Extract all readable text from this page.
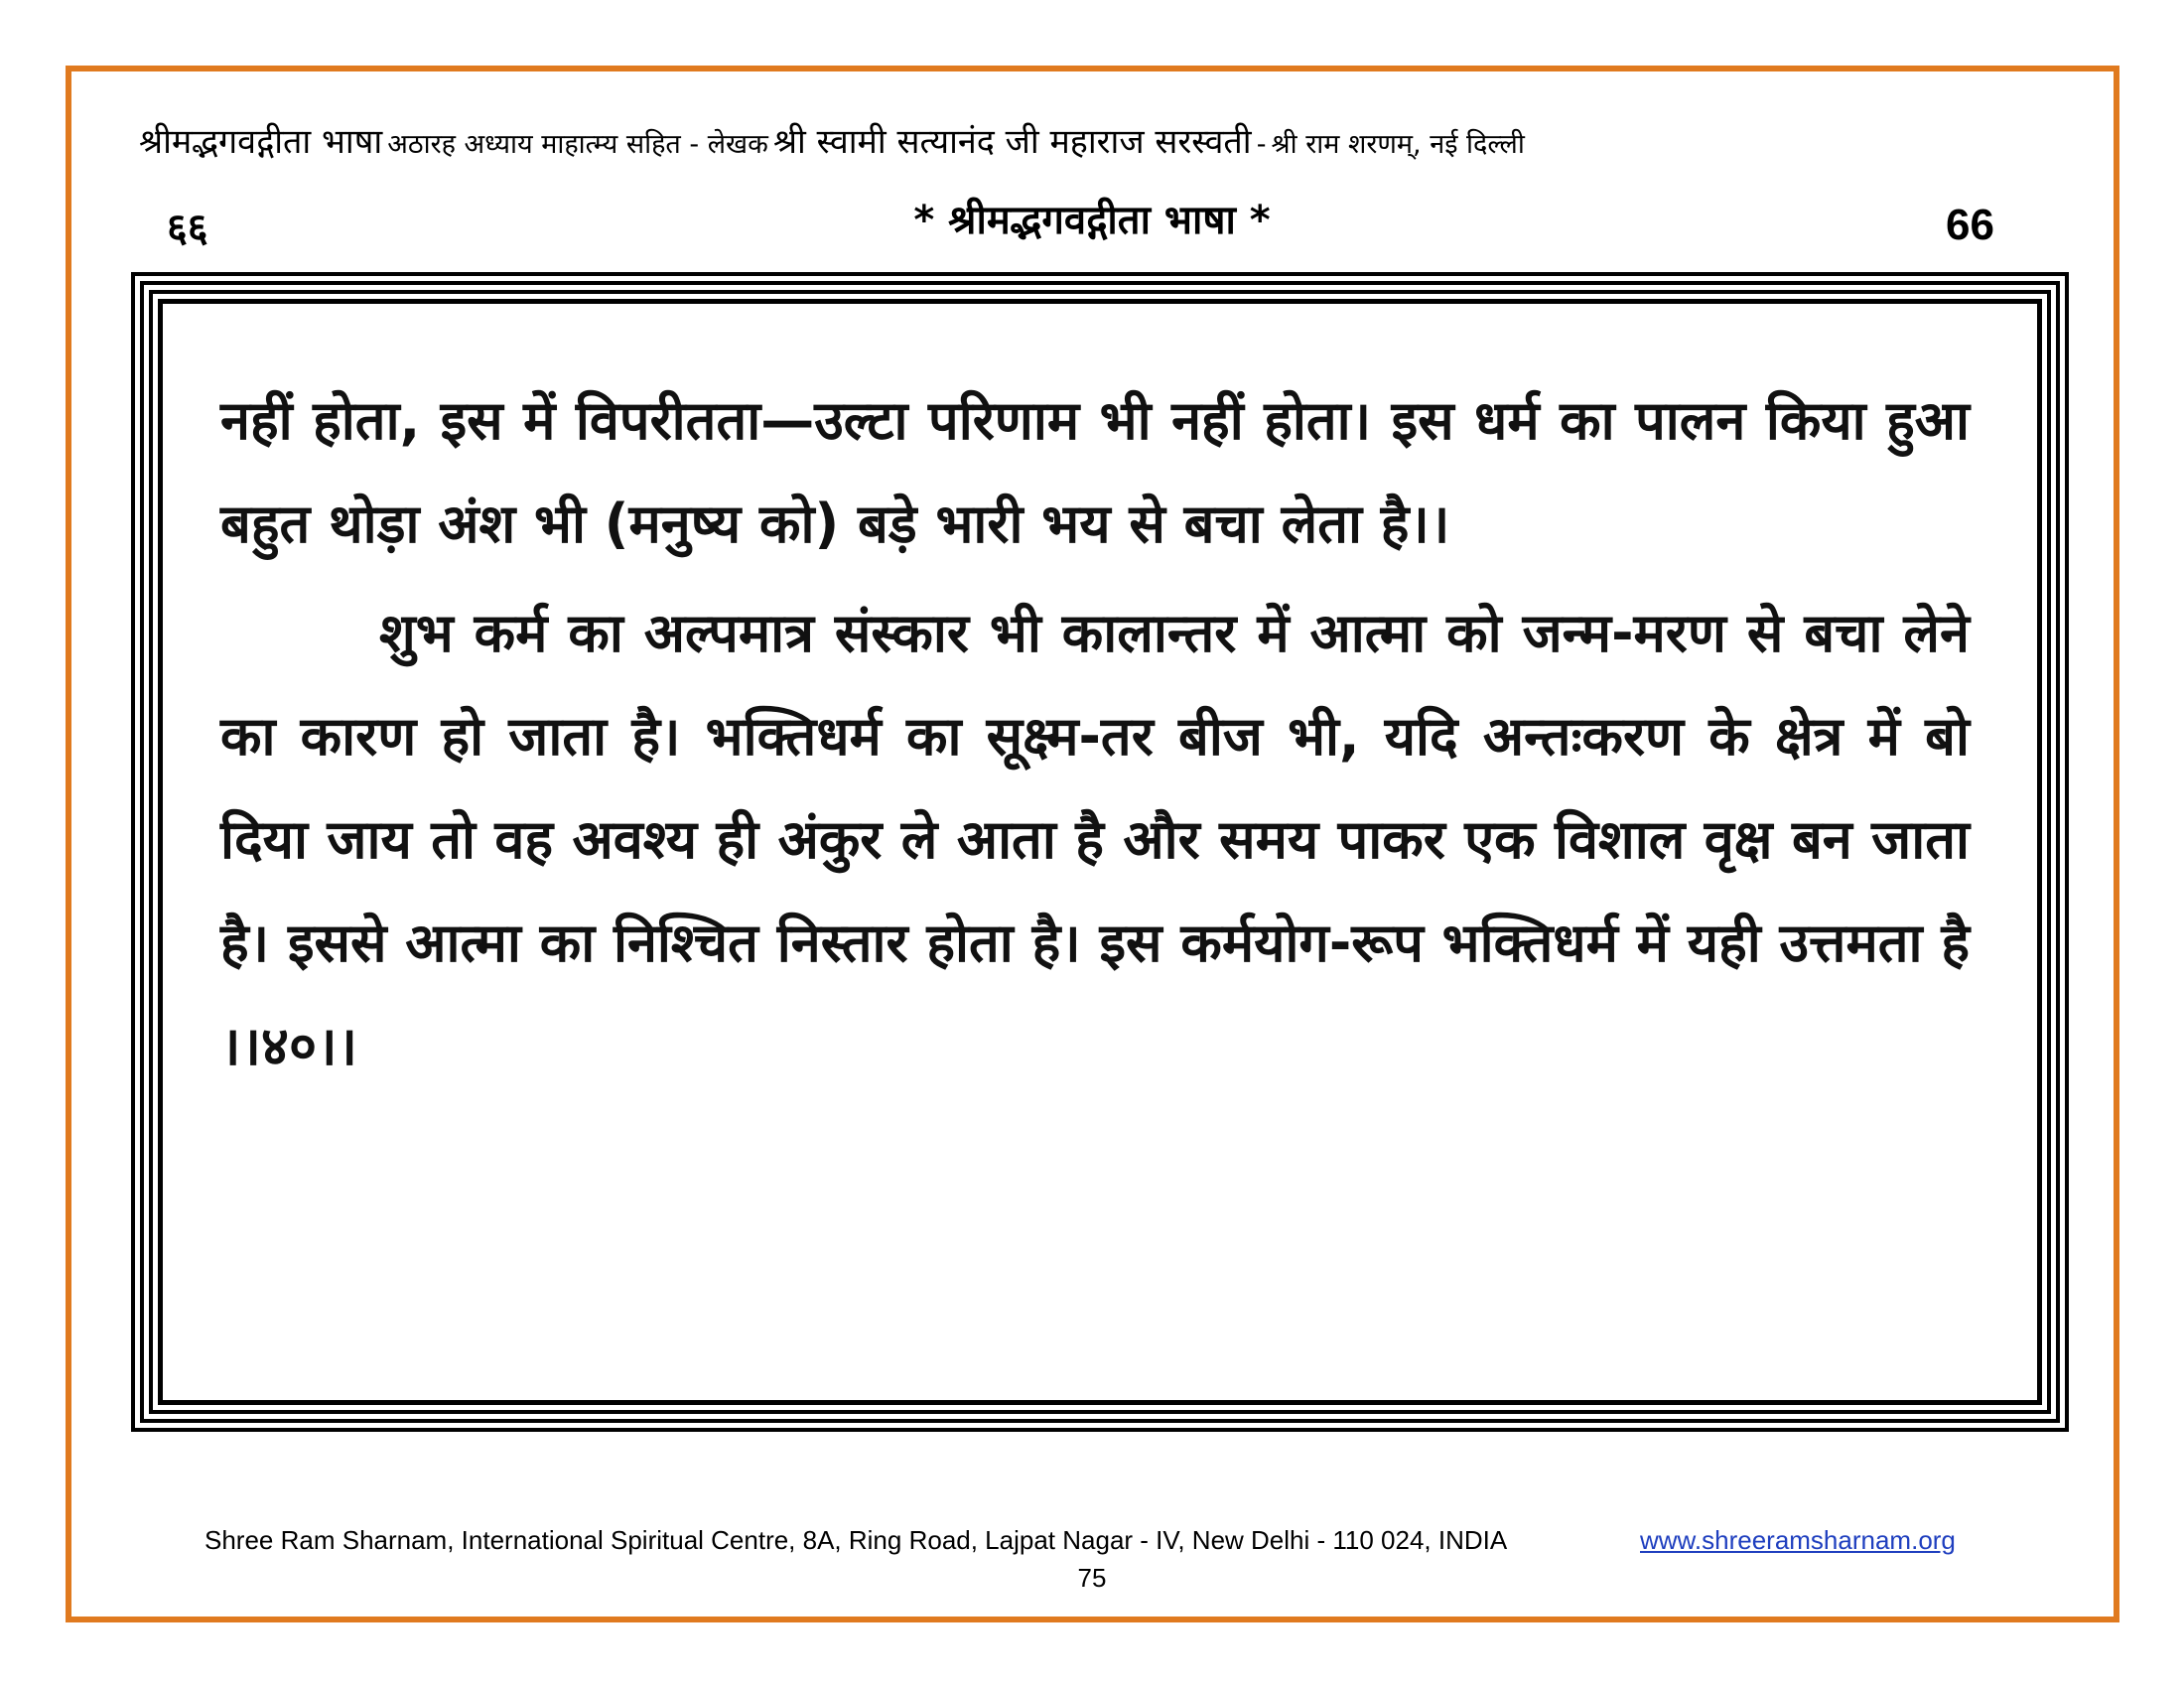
श्रीमद्भगवद्गीता भाषा अठारह अध्याय माहात्म्य सहित - लेखक श्री स्वामी सत्यानंद जी महाराज सरस्वती - श्री राम शरणम्, नई दिल्ली
६६	* श्रीमद्भगवद्गीता भाषा *	66

नहीं होता, इस में विपरीतता—उल्टा परिणाम भी नहीं होता। इस धर्म का पालन किया हुआ बहुत थोड़ा अंश भी (मनुष्य को) बड़े भारी भय से बचा लेता है।।

शुभ कर्म का अल्पमात्र संस्कार भी कालान्तर में आत्मा को जन्म-मरण से बचा लेने का कारण हो जाता है। भक्तिधर्म का सूक्ष्म-तर बीज भी, यदि अन्तःकरण के क्षेत्र में बो दिया जाय तो वह अवश्य ही अंकुर ले आता है और समय पाकर एक विशाल वृक्ष बन जाता है। इससे आत्मा का निश्चित निस्तार होता है। इस कर्मयोग-रूप भक्तिधर्म में यही उत्तमता है ।।४०।।

Shree Ram Sharnam, International Spiritual Centre, 8A, Ring Road, Lajpat Nagar - IV, New Delhi - 110 024, INDIA	www.shreeramsharnam.org
75
